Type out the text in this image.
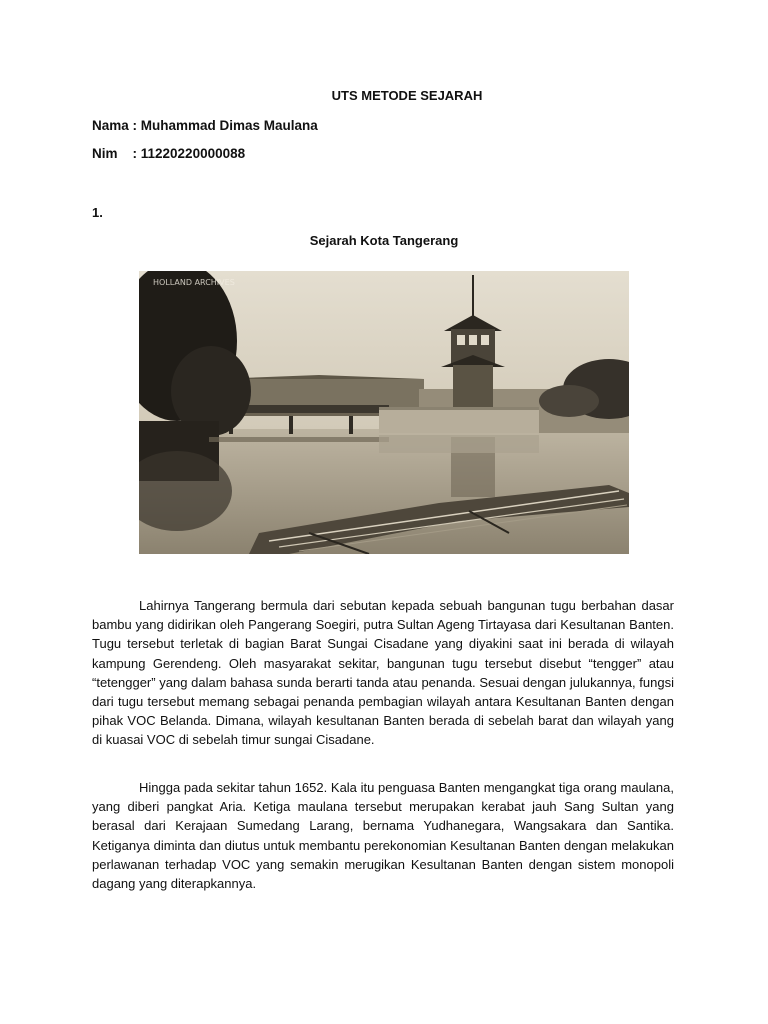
UTS METODE SEJARAH
Nama : Muhammad Dimas Maulana
Nim    : 11220220000088
1.
Sejarah Kota Tangerang
HOLLAND ARCHIVES

Lahirnya Tangerang bermula dari sebutan kepada sebuah bangunan tugu berbahan dasar bambu yang didirikan oleh Pangerang Soegiri, putra Sultan Ageng Tirtayasa dari Kesultanan Banten. Tugu tersebut terletak di bagian Barat Sungai Cisadane yang diyakini saat ini berada di wilayah kampung Gerendeng. Oleh masyarakat sekitar, bangunan tugu tersebut disebut “tengger” atau “tetengger” yang dalam bahasa sunda berarti tanda atau penanda. Sesuai dengan julukannya, fungsi dari tugu tersebut memang sebagai penanda pembagian wilayah antara Kesultanan Banten dengan pihak VOC Belanda. Dimana, wilayah kesultanan Banten berada di sebelah barat dan wilayah yang di kuasai VOC di sebelah timur sungai Cisadane.

Hingga pada sekitar tahun 1652. Kala itu penguasa Banten mengangkat tiga orang maulana, yang diberi pangkat Aria. Ketiga maulana tersebut merupakan kerabat jauh Sang Sultan yang berasal dari Kerajaan Sumedang Larang, bernama Yudhanegara, Wangsakara dan Santika. Ketiganya diminta dan diutus untuk membantu perekonomian Kesultanan Banten dengan melakukan perlawanan terhadap VOC yang semakin merugikan Kesultanan Banten dengan sistem monopoli dagang yang diterapkannya.
